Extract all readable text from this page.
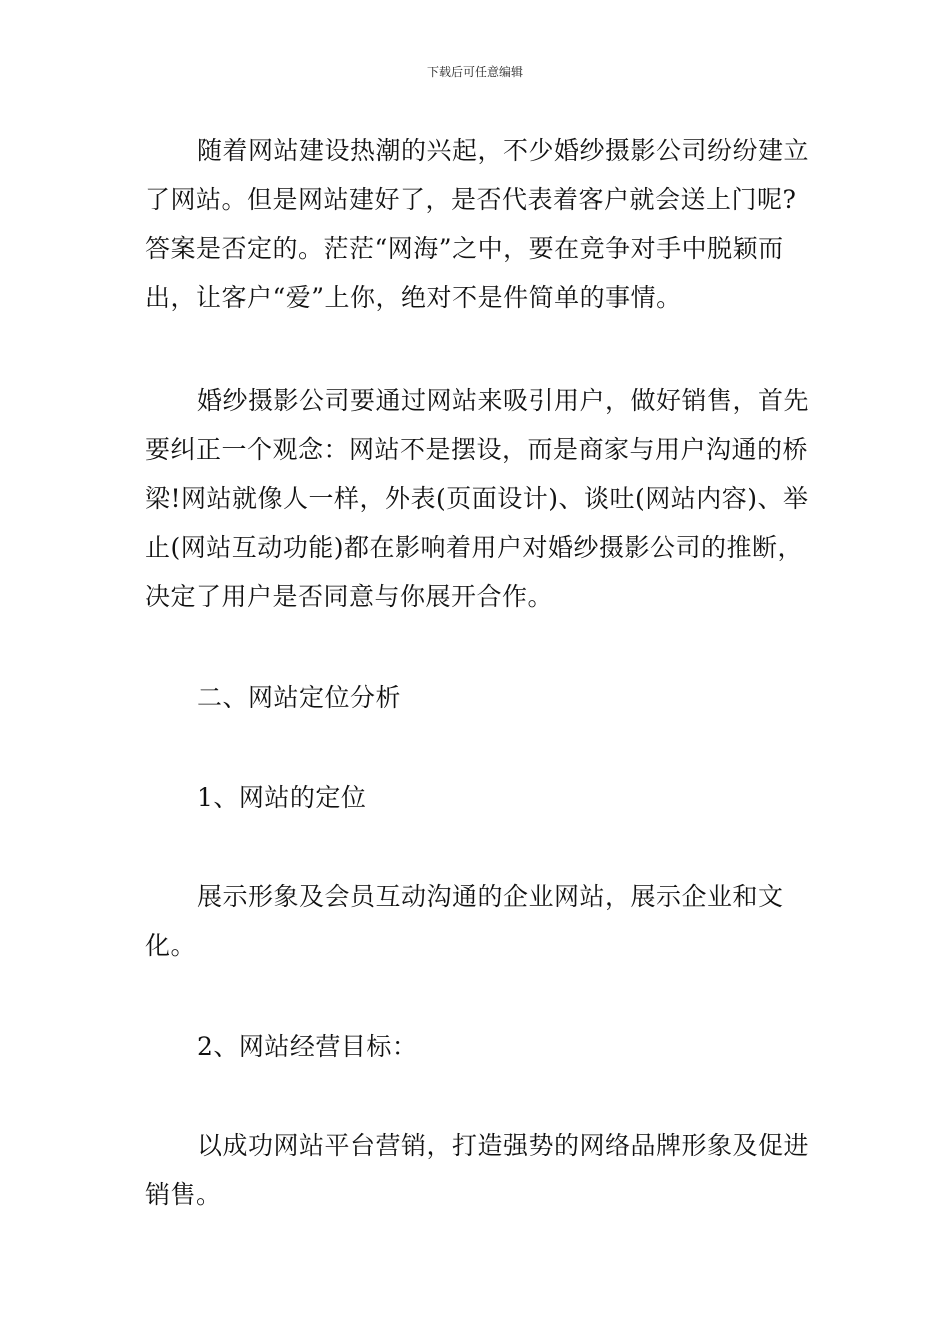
下载后可任意编辑

随着网站建设热潮的兴起，不少婚纱摄影公司纷纷建立了网站。但是网站建好了，是否代表着客户就会送上门呢?答案是否定的。茫茫“网海”之中，要在竞争对手中脱颖而出，让客户“爱”上你，绝对不是件简单的事情。

婚纱摄影公司要通过网站来吸引用户，做好销售，首先要纠正一个观念：网站不是摆设，而是商家与用户沟通的桥梁!网站就像人一样，外表(页面设计)、谈吐(网站内容)、举止(网站互动功能)都在影响着用户对婚纱摄影公司的推断，决定了用户是否同意与你展开合作。

二、网站定位分析

1、网站的定位

展示形象及会员互动沟通的企业网站，展示企业和文化。

2、网站经营目标：

以成功网站平台营销，打造强势的网络品牌形象及促进销售。
